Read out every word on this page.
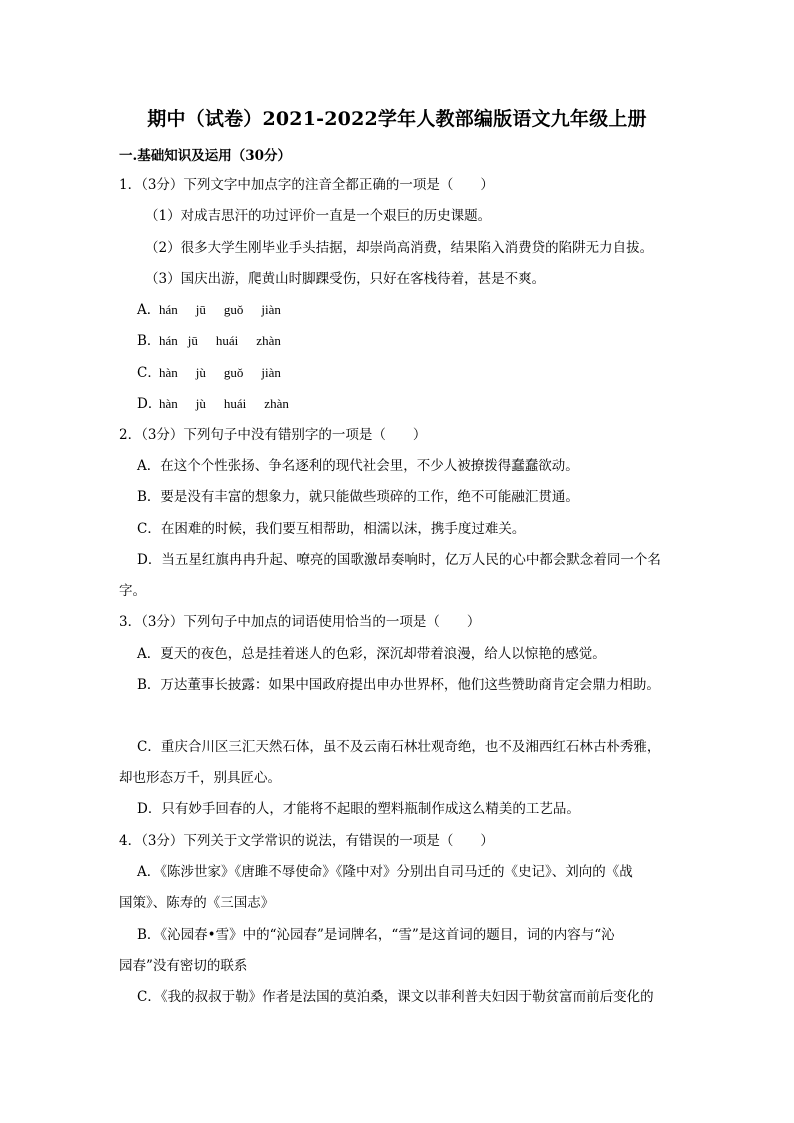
期中（试卷）2021-2022学年人教部编版语文九年级上册
一.基础知识及运用（30分）
1．（3分）下列文字中加点字的注音全都正确的一项是（　　）
（1）对成吉思汗的功过评价一直是一个艰巨的历史课题。
（2）很多大学生刚毕业手头拮据，却崇尚高消费，结果陷入消费贷的陷阱无力自拔。
（3）国庆出游，爬黄山时脚踝受伤，只好在客栈待着，甚是不爽。
A．hán jū guǒ jiàn
B．hán jū huái zhàn
C．hàn jù guǒ jiàn
D．hàn jù huái zhàn
2．（3分）下列句子中没有错别字的一项是（　　）
A．在这个个性张扬、争名逐利的现代社会里，不少人被撩拨得蠢蠢欲动。
B．要是没有丰富的想象力，就只能做些琐碎的工作，绝不可能融汇贯通。
C．在困难的时候，我们要互相帮助，相濡以沫，携手度过难关。
D．当五星红旗冉冉升起、嘹亮的国歌激昂奏响时，亿万人民的心中都会默念着同一个名
字。
3．（3分）下列句子中加点的词语使用恰当的一项是（　　）
A．夏天的夜色，总是挂着迷人的色彩，深沉却带着浪漫，给人以惊艳的感觉。
B．万达董事长披露：如果中国政府提出申办世界杯，他们这些赞助商肯定会鼎力相助。
C．重庆合川区三汇天然石体，虽不及云南石林壮观奇绝，也不及湘西红石林古朴秀雅，
却也形态万千，别具匠心。
D．只有妙手回春的人，才能将不起眼的塑料瓶制作成这么精美的工艺品。
4．（3分）下列关于文学常识的说法，有错误的一项是（　　）
A．《陈涉世家》《唐雎不辱使命》《隆中对》分别出自司马迁的《史记》、刘向的《战
国策》、陈寿的《三国志》
B．《沁园春•雪》中的“沁园春”是词牌名，“雪”是这首词的题目，词的内容与“沁
园春”没有密切的联系
C．《我的叔叔于勒》作者是法国的莫泊桑，课文以菲利普夫妇因于勒贫富而前后变化的
